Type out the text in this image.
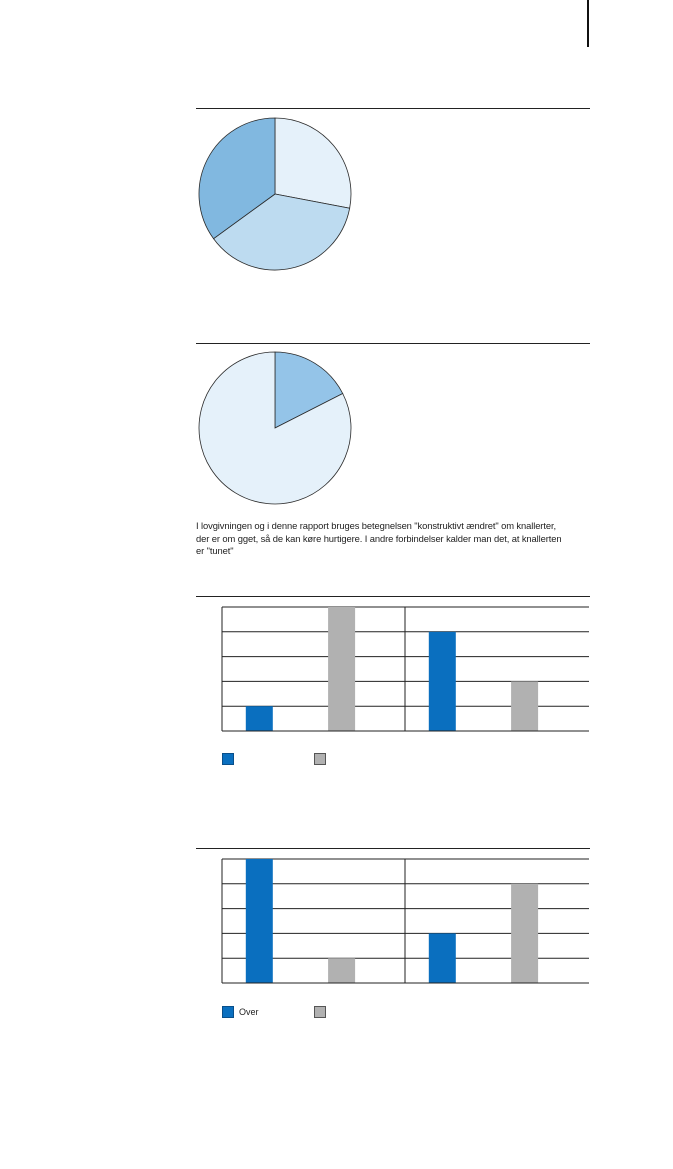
I lovgivningen og i denne rapport bruges betegnelsen "konstruktivt ændret" om knallerter,

der er om gget, så de kan køre hurtigere. I andre forbindelser kalder man det, at knallerten

er "tunet"

Over
